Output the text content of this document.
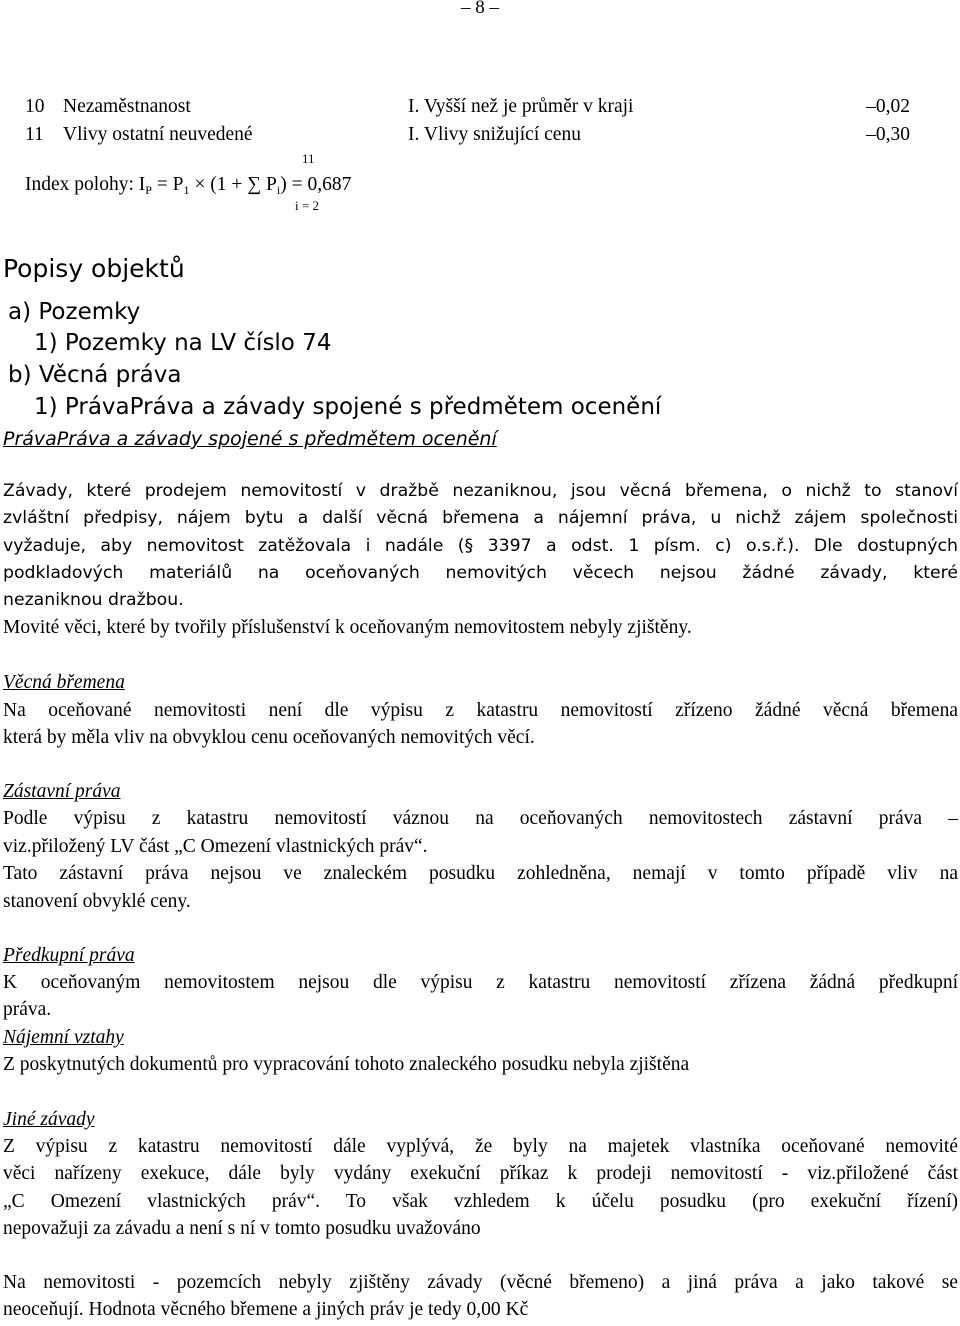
– 8 –
10 Nezaměstnanost	I. Vyšší než je průměr v kraji	–0,02
11 Vlivy ostatní neuvedené	I. Vlivy snižující cenu	–0,30
11
Index polohy: $I_P = P_1 \times (1$ + ∑ $P_i) = 0,687$
i = 2
Popisy objektů
a) Pozemky
1) Pozemky na LV číslo 74
b) Věcná práva
1) PrávaPráva a závady spojené s předmětem ocenění
PrávaPráva a závady spojené s předmětem ocenění
Závady, které prodejem nemovitostí v dražbě nezaniknou, jsou věcná břemena, o nichž to stanoví
zvláštní předpisy, nájem bytu a další věcná břemena a nájemní práva, u nichž zájem společnosti
vyžaduje, aby nemovitost zatěžovala i nadále (§ 3397 a odst. 1 písm. c) o.s.ř.). Dle dostupných
podkladových materiálů na oceňovaných nemovitých věcech nejsou žádné závady, které
nezaniknou dražbou.
Movité věci, které by tvořily příslušenství k oceňovaným nemovitostem nebyly zjištěny.
Věcná břemena
Na oceňované nemovitosti není dle výpisu z katastru nemovitostí zřízeno žádné věcná břemena
která by měla vliv na obvyklou cenu oceňovaných nemovitých věcí.
Zástavní práva
Podle výpisu z katastru nemovitostí váznou na oceňovaných nemovitostech zástavní práva –
viz.přiložený LV část „C Omezení vlastnických práv“.
Tato zástavní práva nejsou ve znaleckém posudku zohledněna, nemají v tomto případě vliv na
stanovení obvyklé ceny.
Předkupní práva
K oceňovaným nemovitostem nejsou dle výpisu z katastru nemovitostí zřízena žádná předkupní
práva.
Nájemní vztahy
Z poskytnutých dokumentů pro vypracování tohoto znaleckého posudku nebyla zjištěna
Jiné závady
Z výpisu z katastru nemovitostí dále vyplývá, že byly na majetek vlastníka oceňované nemovité
věci nařízeny exekuce, dále byly vydány exekuční příkaz k prodeji nemovitostí - viz.přiložené část
„C Omezení vlastnických práv“. To však vzhledem k účelu posudku (pro exekuční řízení)
nepovažuji za závadu a není s ní v tomto posudku uvažováno
Na nemovitosti - pozemcích nebyly zjištěny závady (věcné břemeno) a jiná práva a jako takové se
neoceňují. Hodnota věcného břemene a jiných práv je tedy 0,00 Kč
